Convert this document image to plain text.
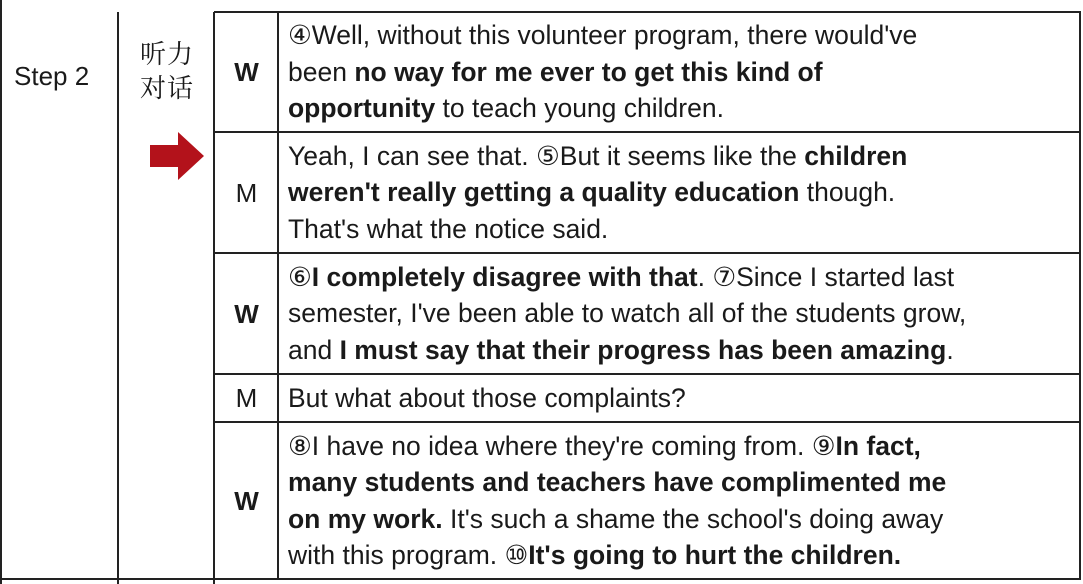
Step 2
听力
对话
W
④Well, without this volunteer program, there would've
been no way for me ever to get this kind of
opportunity to teach young children.
M
Yeah, I can see that. ⑤But it seems like the children
weren't really getting a quality education though.
That's what the notice said.
W
⑥I completely disagree with that. ⑦Since I started last
semester, I've been able to watch all of the students grow,
and I must say that their progress has been amazing.
M	But what about those complaints?
W
⑧I have no idea where they're coming from. ⑨In fact,
many students and teachers have complimented me
on my work. It's such a shame the school's doing away
with this program. ⑩It's going to hurt the children.
